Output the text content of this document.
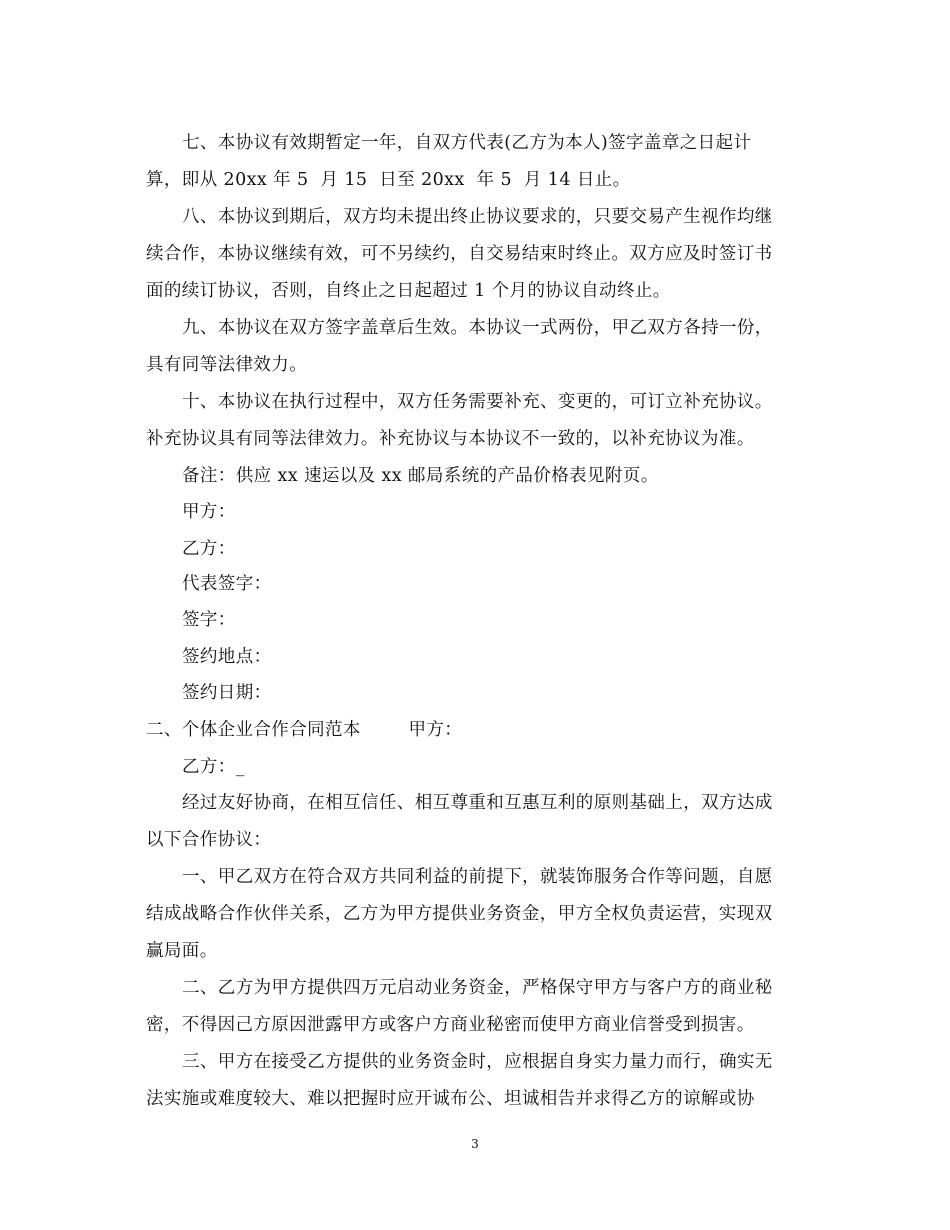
七、本协议有效期暂定一年，自双方代表(乙方为本人)签字盖章之日起计
算，即从 20xx 年 5  月 15  日至 20xx  年 5  月 14 日止。
八、本协议到期后，双方均未提出终止协议要求的，只要交易产生视作均继
续合作，本协议继续有效，可不另续约，自交易结束时终止。双方应及时签订书
面的续订协议，否则，自终止之日起超过 1 个月的协议自动终止。
九、本协议在双方签字盖章后生效。本协议一式两份，甲乙双方各持一份，
具有同等法律效力。
十、本协议在执行过程中，双方任务需要补充、变更的，可订立补充协议。
补充协议具有同等法律效力。补充协议与本协议不一致的，以补充协议为准。
备注：供应 xx 速运以及 xx 邮局系统的产品价格表见附页。
甲方：
乙方：
代表签字：
签字：
签约地点：
签约日期：
二、个体企业合作合同范本        甲方：
乙方：_
经过友好协商，在相互信任、相互尊重和互惠互利的原则基础上，双方达成
以下合作协议：
一、甲乙双方在符合双方共同利益的前提下，就装饰服务合作等问题，自愿
结成战略合作伙伴关系，乙方为甲方提供业务资金，甲方全权负责运营，实现双
赢局面。
二、乙方为甲方提供四万元启动业务资金，严格保守甲方与客户方的商业秘
密，不得因己方原因泄露甲方或客户方商业秘密而使甲方商业信誉受到损害。
三、甲方在接受乙方提供的业务资金时，应根据自身实力量力而行，确实无
法实施或难度较大、难以把握时应开诚布公、坦诚相告并求得乙方的谅解或协
3
